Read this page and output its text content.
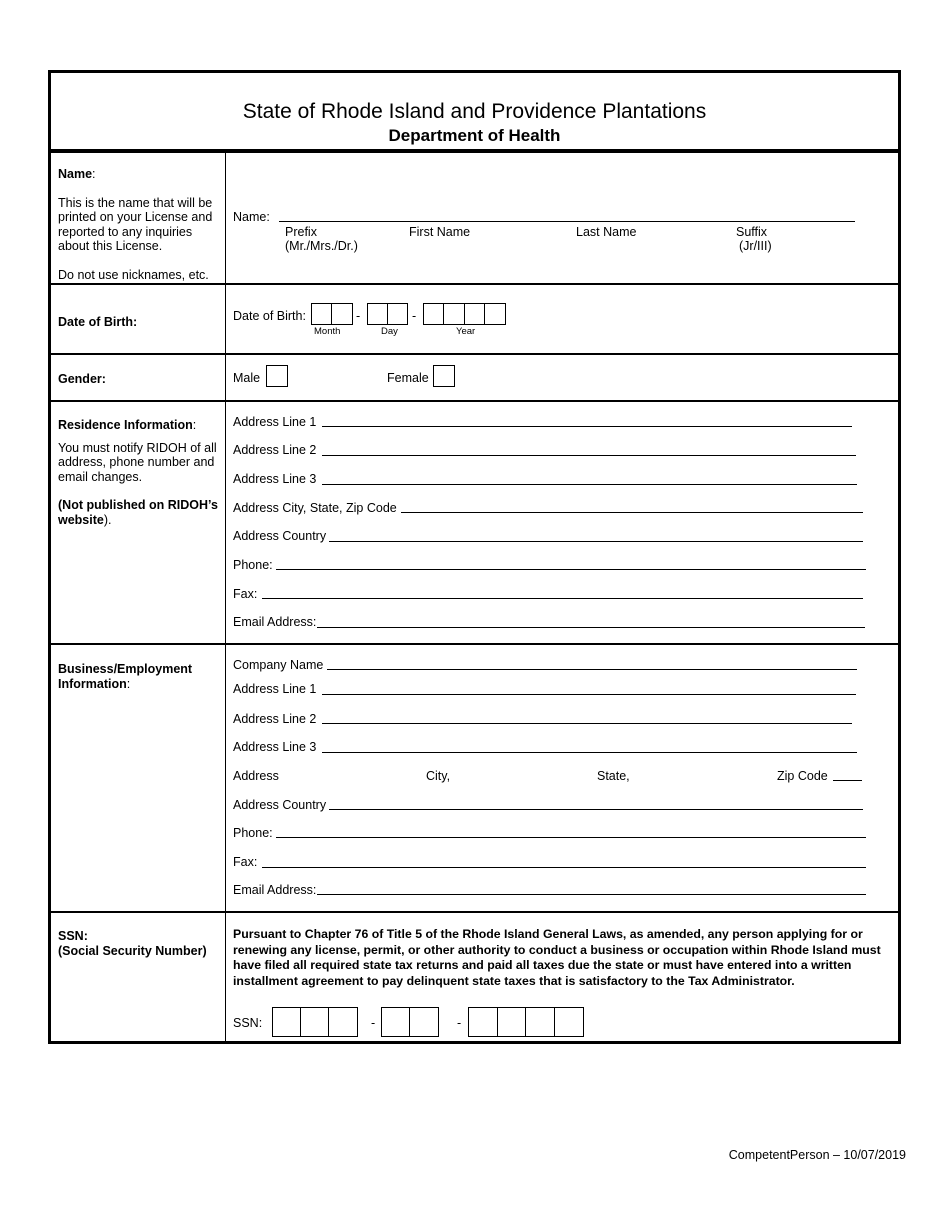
State of Rhode Island and Providence Plantations
Department of Health

Name:

This is the name that will be printed on your License and reported to any inquiries about this License.

Do not use nicknames, etc.

Name:
Prefix
(Mr./Mrs./Dr.)
First Name	Last Name	Suffix
(Jr/III)

Date of Birth:	Date of Birth:	-	-
Month	Day	Year

Gender:	Male	Female

Residence Information:

You must notify RIDOH of all address, phone number and email changes.

(Not published on RIDOH’s website).

Address Line 1
Address Line 2
Address Line 3
Address City, State, Zip Code
Address Country
Phone:
Fax:
Email Address:

Business/Employment Information:

Company Name
Address Line 1
Address Line 2
Address Line 3
Address	City,	State,	Zip Code
Address Country
Phone:
Fax:
Email Address:

SSN:

(Social Security Number)

Pursuant to Chapter 76 of Title 5 of the Rhode Island General Laws, as amended, any person applying for or renewing any license, permit, or other authority to conduct a business or occupation within Rhode Island must have filed all required state tax returns and paid all taxes due the state or must have entered into a written installment agreement to pay delinquent state taxes that is satisfactory to the Tax Administrator.

SSN:	-	-
CompetentPerson – 10/07/2019
